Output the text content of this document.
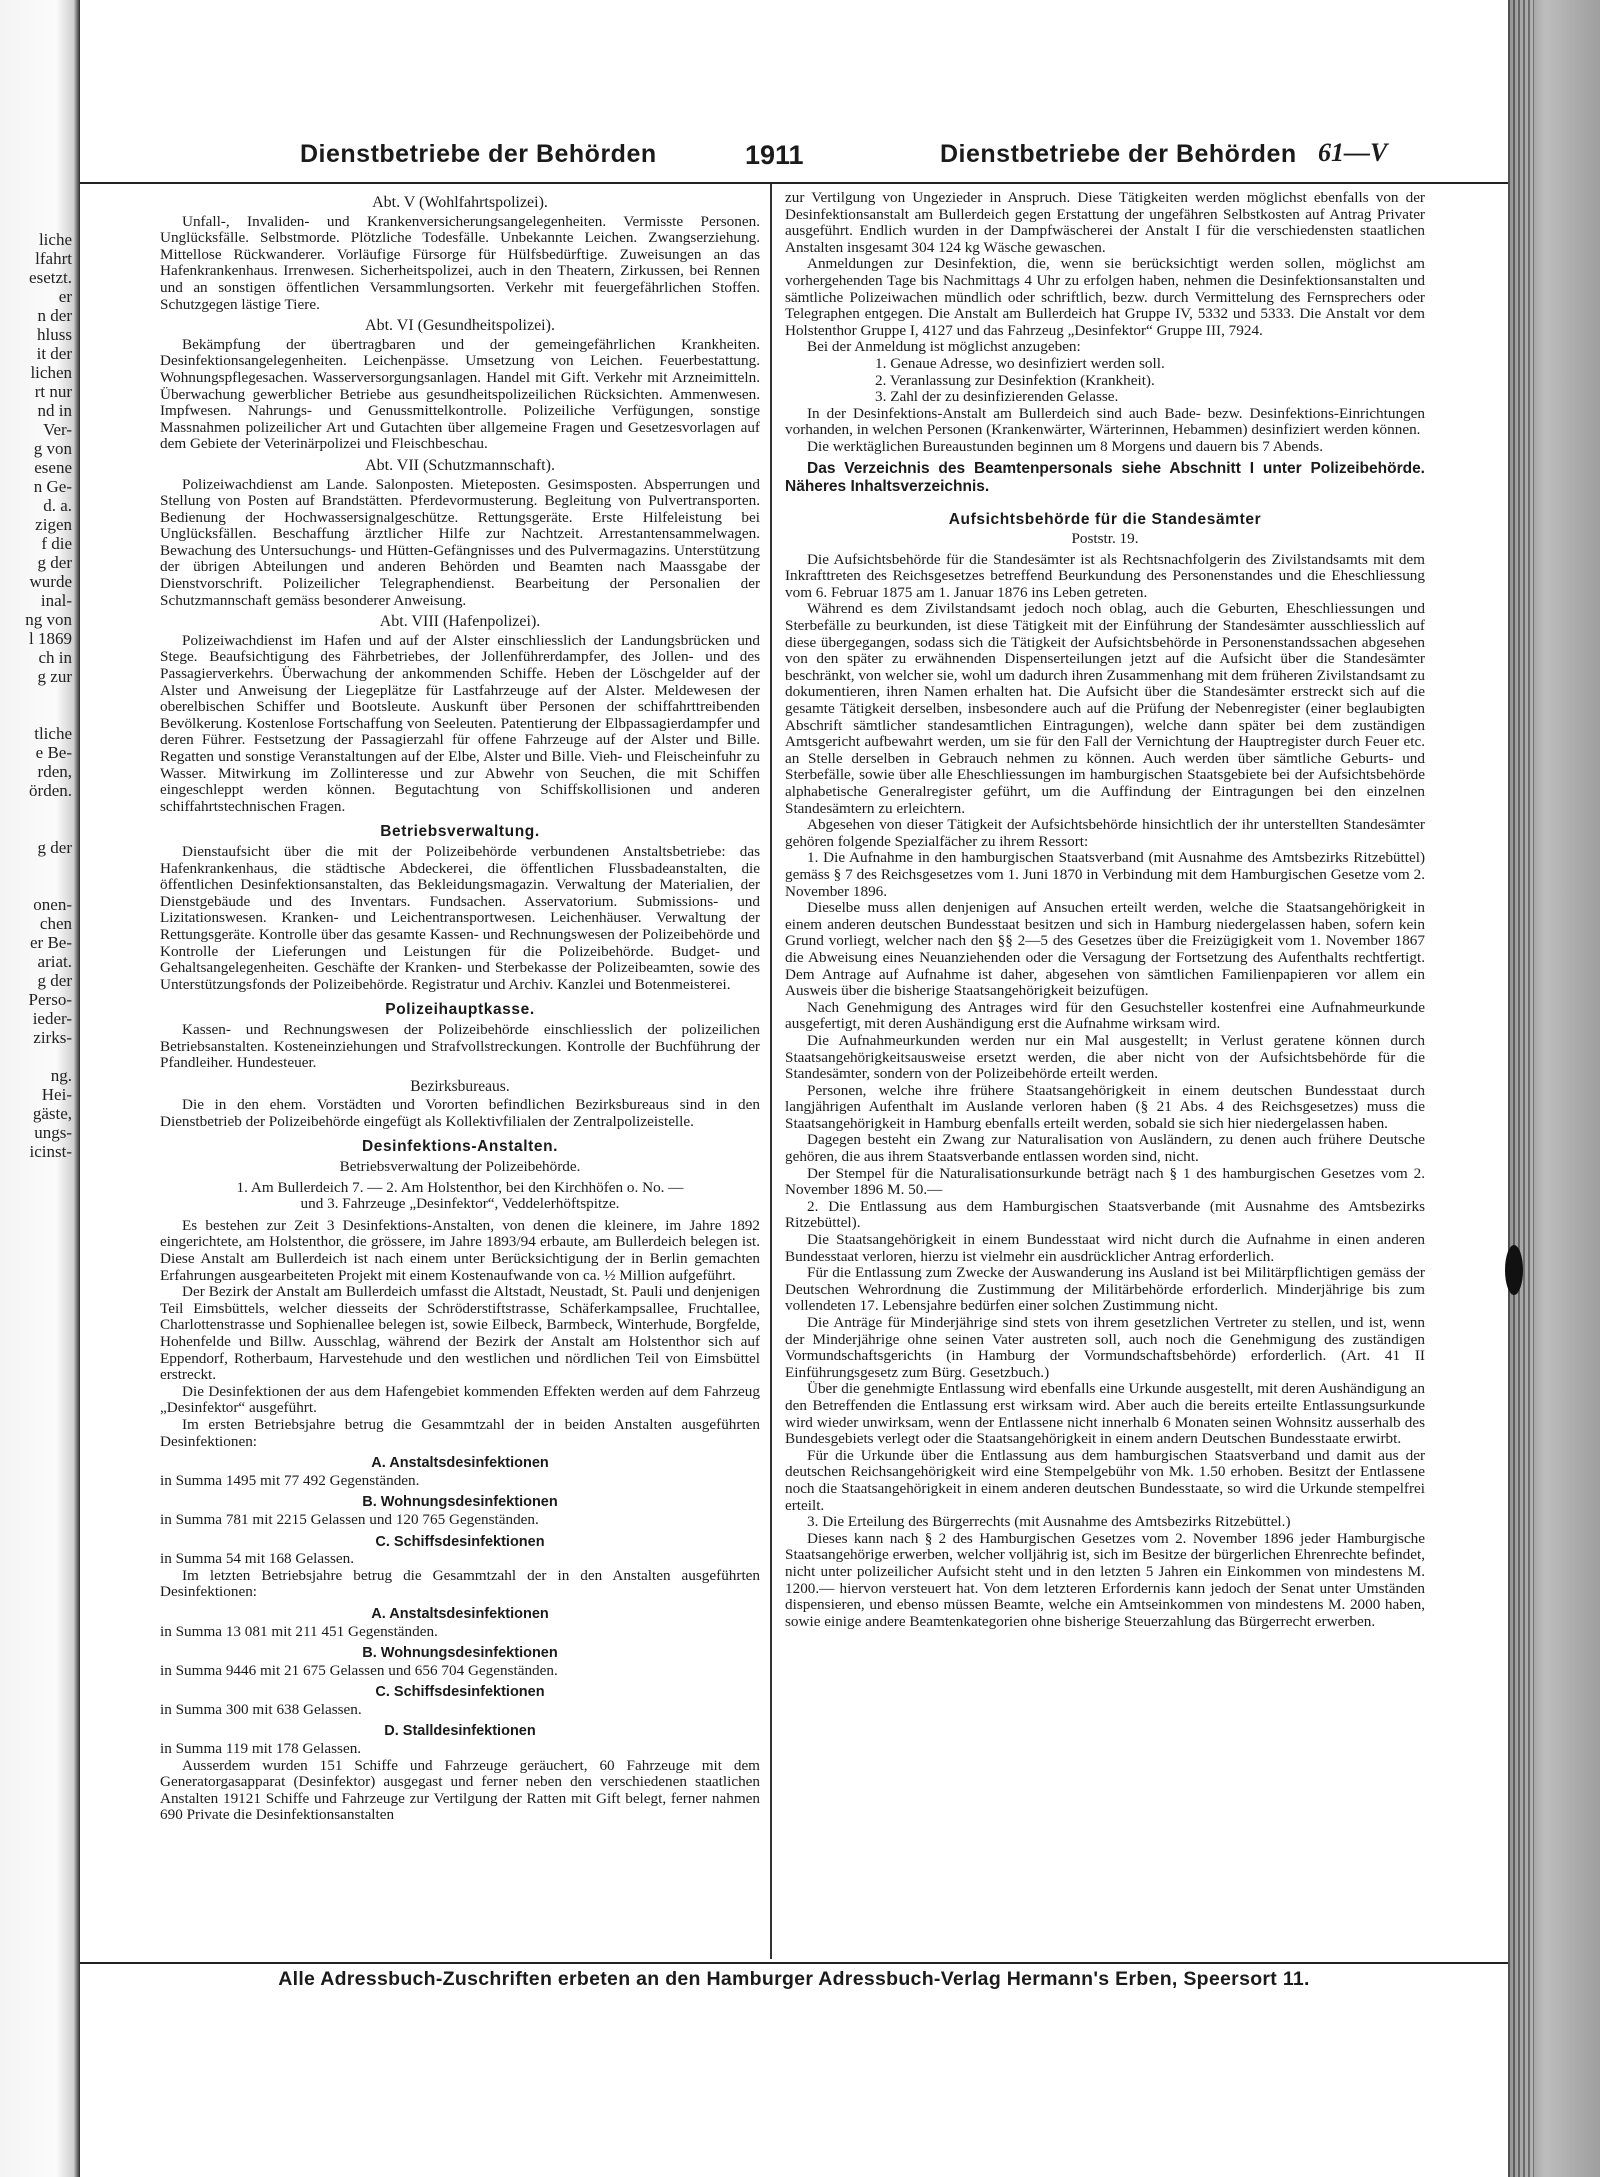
liche
lfahrt
esetzt.
er
n der
hluss
it der
lichen
rt nur
nd in
Ver-
g von
esene
n Ge-
d. a.
zigen
f die
g der
wurde
inal-
ng von
l 1869
ch in
g zur

tliche
e Be-
rden,
örden.

g der

onen-
chen
er Be-
ariat.
g der
Perso-
ieder-
zirks-

ng.
Hei-
gäste,
ungs-
icinst-
Dienstbetriebe der Behörden	1911	Dienstbetriebe der Behörden 61—V
Abt. V (Wohlfahrtspolizei).

Unfall-, Invaliden- und Krankenversicherungsangelegenheiten. Vermisste Personen. Unglücksfälle. Selbstmorde. Plötzliche Todesfälle. Unbekannte Leichen. Zwangserziehung. Mittellose Rückwanderer. Vorläufige Fürsorge für Hülfsbedürftige. Zuweisungen an das Hafenkrankenhaus. Irrenwesen. Sicherheitspolizei, auch in den Theatern, Zirkussen, bei Rennen und an sonstigen öffentlichen Versammlungsorten. Verkehr mit feuergefährlichen Stoffen. Schutzgegen lästige Tiere.

Abt. VI (Gesundheitspolizei).

Bekämpfung der übertragbaren und der gemeingefährlichen Krankheiten. Desinfektionsangelegenheiten. Leichenpässe. Umsetzung von Leichen. Feuerbestattung. Wohnungspflegesachen. Wasserversorgungsanlagen. Handel mit Gift. Verkehr mit Arzneimitteln. Überwachung gewerblicher Betriebe aus gesundheitspolizeilichen Rücksichten. Ammenwesen. Impfwesen. Nahrungs- und Genussmittelkontrolle. Polizeiliche Verfügungen, sonstige Massnahmen polizeilicher Art und Gutachten über allgemeine Fragen und Gesetzesvorlagen auf dem Gebiete der Veterinärpolizei und Fleischbeschau.

Abt. VII (Schutzmannschaft).

Polizeiwachdienst am Lande. Salonposten. Mieteposten. Gesimsposten. Absperrungen und Stellung von Posten auf Brandstätten. Pferdevormusterung. Begleitung von Pulvertransporten. Bedienung der Hochwassersignalgeschütze. Rettungsgeräte. Erste Hilfeleistung bei Unglücksfällen. Beschaffung ärztlicher Hilfe zur Nachtzeit. Arrestantensammelwagen. Bewachung des Untersuchungs- und Hütten-Gefängnisses und des Pulvermagazins. Unterstützung der übrigen Abteilungen und anderen Behörden und Beamten nach Maassgabe der Dienstvorschrift. Polizeilicher Telegraphendienst. Bearbeitung der Personalien der Schutzmannschaft gemäss besonderer Anweisung.

Abt. VIII (Hafenpolizei).

Polizeiwachdienst im Hafen und auf der Alster einschliesslich der Landungsbrücken und Stege. Beaufsichtigung des Fährbetriebes, der Jollenführerdampfer, des Jollen- und des Passagierverkehrs. Überwachung der ankommenden Schiffe. Heben der Löschgelder auf der Alster und Anweisung der Liegeplätze für Lastfahrzeuge auf der Alster. Meldewesen der oberelbischen Schiffer und Bootsleute. Auskunft über Personen der schiffahrttreibenden Bevölkerung. Kostenlose Fortschaffung von Seeleuten. Patentierung der Elbpassagierdampfer und deren Führer. Festsetzung der Passagierzahl für offene Fahrzeuge auf der Alster und Bille. Regatten und sonstige Veranstaltungen auf der Elbe, Alster und Bille. Vieh- und Fleischeinfuhr zu Wasser. Mitwirkung im Zollinteresse und zur Abwehr von Seuchen, die mit Schiffen eingeschleppt werden können. Begutachtung von Schiffskollisionen und anderen schiffahrtstechnischen Fragen.

Betriebsverwaltung.

Dienstaufsicht über die mit der Polizeibehörde verbundenen Anstaltsbetriebe: das Hafenkrankenhaus, die städtische Abdeckerei, die öffentlichen Flussbadeanstalten, die öffentlichen Desinfektionsanstalten, das Bekleidungsmagazin. Verwaltung der Materialien, der Dienstgebäude und des Inventars. Fundsachen. Asservatorium. Submissions- und Lizitationswesen. Kranken- und Leichentransportwesen. Leichenhäuser. Verwaltung der Rettungsgeräte. Kontrolle über das gesamte Kassen- und Rechnungswesen der Polizeibehörde und Kontrolle der Lieferungen und Leistungen für die Polizeibehörde. Budget- und Gehaltsangelegenheiten. Geschäfte der Kranken- und Sterbekasse der Polizeibeamten, sowie des Unterstützungsfonds der Polizeibehörde. Registratur und Archiv. Kanzlei und Botenmeisterei.

Polizeihauptkasse.

Kassen- und Rechnungswesen der Polizeibehörde einschliesslich der polizeilichen Betriebsanstalten. Kosteneinziehungen und Strafvollstreckungen. Kontrolle der Buchführung der Pfandleiher. Hundesteuer.

Bezirksbureaus.

Die in den ehem. Vorstädten und Vororten befindlichen Bezirksbureaus sind in den Dienstbetrieb der Polizeibehörde eingefügt als Kollektivfilialen der Zentralpolizeistelle.

Desinfektions-Anstalten.
Betriebsverwaltung der Polizeibehörde.

1. Am Bullerdeich 7. — 2. Am Holstenthor, bei den Kirchhöfen o. No. —

und 3. Fahrzeuge „Desinfektor“, Veddelerhöftspitze.

Es bestehen zur Zeit 3 Desinfektions-Anstalten, von denen die kleinere, im Jahre 1892 eingerichtete, am Holstenthor, die grössere, im Jahre 1893/94 erbaute, am Bullerdeich belegen ist. Diese Anstalt am Bullerdeich ist nach einem unter Berücksichtigung der in Berlin gemachten Erfahrungen ausgearbeiteten Projekt mit einem Kostenaufwande von ca. ½ Million aufgeführt.

Der Bezirk der Anstalt am Bullerdeich umfasst die Altstadt, Neustadt, St. Pauli und denjenigen Teil Eimsbüttels, welcher diesseits der Schröderstiftstrasse, Schäferkampsallee, Fruchtallee, Charlottenstrasse und Sophienallee belegen ist, sowie Eilbeck, Barmbeck, Winterhude, Borgfelde, Hohenfelde und Billw. Ausschlag, während der Bezirk der Anstalt am Holstenthor sich auf Eppendorf, Rotherbaum, Harvestehude und den westlichen und nördlichen Teil von Eimsbüttel erstreckt.

Die Desinfektionen der aus dem Hafengebiet kommenden Effekten werden auf dem Fahrzeug „Desinfektor“ ausgeführt.

Im ersten Betriebsjahre betrug die Gesammtzahl der in beiden Anstalten ausgeführten Desinfektionen:

A. Anstaltsdesinfektionen

in Summa 1495 mit 77 492 Gegenständen.

B. Wohnungsdesinfektionen

in Summa 781 mit 2215 Gelassen und 120 765 Gegenständen.

C. Schiffsdesinfektionen

in Summa 54 mit 168 Gelassen.

Im letzten Betriebsjahre betrug die Gesammtzahl der in den Anstalten ausgeführten Desinfektionen:

A. Anstaltsdesinfektionen

in Summa 13 081 mit 211 451 Gegenständen.

B. Wohnungsdesinfektionen

in Summa 9446 mit 21 675 Gelassen und 656 704 Gegenständen.

C. Schiffsdesinfektionen

in Summa 300 mit 638 Gelassen.

D. Stalldesinfektionen

in Summa 119 mit 178 Gelassen.

Ausserdem wurden 151 Schiffe und Fahrzeuge geräuchert, 60 Fahrzeuge mit dem Generatorgasapparat (Desinfektor) ausgegast und ferner neben den verschiedenen staatlichen Anstalten 19121 Schiffe und Fahrzeuge zur Vertilgung der Ratten mit Gift belegt, ferner nahmen 690 Private die Desinfektionsanstalten

zur Vertilgung von Ungezieder in Anspruch. Diese Tätigkeiten werden möglichst ebenfalls von der Desinfektionsanstalt am Bullerdeich gegen Erstattung der ungefähren Selbstkosten auf Antrag Privater ausgeführt. Endlich wurden in der Dampfwäscherei der Anstalt I für die verschiedensten staatlichen Anstalten insgesamt 304 124 kg Wäsche gewaschen.

Anmeldungen zur Desinfektion, die, wenn sie berücksichtigt werden sollen, möglichst am vorhergehenden Tage bis Nachmittags 4 Uhr zu erfolgen haben, nehmen die Desinfektionsanstalten und sämtliche Polizeiwachen mündlich oder schriftlich, bezw. durch Vermittelung des Fernsprechers oder Telegraphen entgegen. Die Anstalt am Bullerdeich hat Gruppe IV, 5332 und 5333. Die Anstalt vor dem Holstenthor Gruppe I, 4127 und das Fahrzeug „Desinfektor“ Gruppe III, 7924.

Bei der Anmeldung ist möglichst anzugeben:

1. Genaue Adresse, wo desinfiziert werden soll.

2. Veranlassung zur Desinfektion (Krankheit).

3. Zahl der zu desinfizierenden Gelasse.

In der Desinfektions-Anstalt am Bullerdeich sind auch Bade- bezw. Desinfektions-Einrichtungen vorhanden, in welchen Personen (Krankenwärter, Wärterinnen, Hebammen) desinfiziert werden können.

Die werktäglichen Bureaustunden beginnen um 8 Morgens und dauern bis 7 Abends.

Das Verzeichnis des Beamtenpersonals siehe Abschnitt I unter Polizeibehörde. Näheres Inhaltsverzeichnis.

Aufsichtsbehörde für die Standesämter
Poststr. 19.

Die Aufsichtsbehörde für die Standesämter ist als Rechtsnachfolgerin des Zivilstandsamts mit dem Inkrafttreten des Reichsgesetzes betreffend Beurkundung des Personenstandes und die Eheschliessung vom 6. Februar 1875 am 1. Januar 1876 ins Leben getreten.

Während es dem Zivilstandsamt jedoch noch oblag, auch die Geburten, Eheschliessungen und Sterbefälle zu beurkunden, ist diese Tätigkeit mit der Einführung der Standesämter ausschliesslich auf diese übergegangen, sodass sich die Tätigkeit der Aufsichtsbehörde in Personenstandssachen abgesehen von den später zu erwähnenden Dispenserteilungen jetzt auf die Aufsicht über die Standesämter beschränkt, von welcher sie, wohl um dadurch ihren Zusammenhang mit dem früheren Zivilstandsamt zu dokumentieren, ihren Namen erhalten hat. Die Aufsicht über die Standesämter erstreckt sich auf die gesamte Tätigkeit derselben, insbesondere auch auf die Prüfung der Nebenregister (einer beglaubigten Abschrift sämtlicher standesamtlichen Eintragungen), welche dann später bei dem zuständigen Amtsgericht aufbewahrt werden, um sie für den Fall der Vernichtung der Hauptregister durch Feuer etc. an Stelle derselben in Gebrauch nehmen zu können. Auch werden über sämtliche Geburts- und Sterbefälle, sowie über alle Eheschliessungen im hamburgischen Staatsgebiete bei der Aufsichtsbehörde alphabetische Generalregister geführt, um die Auffindung der Eintragungen bei den einzelnen Standesämtern zu erleichtern.

Abgesehen von dieser Tätigkeit der Aufsichtsbehörde hinsichtlich der ihr unterstellten Standesämter gehören folgende Spezialfächer zu ihrem Ressort:

1. Die Aufnahme in den hamburgischen Staatsverband (mit Ausnahme des Amtsbezirks Ritzebüttel) gemäss § 7 des Reichsgesetzes vom 1. Juni 1870 in Verbindung mit dem Hamburgischen Gesetze vom 2. November 1896.

Dieselbe muss allen denjenigen auf Ansuchen erteilt werden, welche die Staatsangehörigkeit in einem anderen deutschen Bundesstaat besitzen und sich in Hamburg niedergelassen haben, sofern kein Grund vorliegt, welcher nach den §§ 2—5 des Gesetzes über die Freizügigkeit vom 1. November 1867 die Abweisung eines Neuanziehenden oder die Versagung der Fortsetzung des Aufenthalts rechtfertigt. Dem Antrage auf Aufnahme ist daher, abgesehen von sämtlichen Familienpapieren vor allem ein Ausweis über die bisherige Staatsangehörigkeit beizufügen.

Nach Genehmigung des Antrages wird für den Gesuchsteller kostenfrei eine Aufnahmeurkunde ausgefertigt, mit deren Aushändigung erst die Aufnahme wirksam wird.

Die Aufnahmeurkunden werden nur ein Mal ausgestellt; in Verlust geratene können durch Staatsangehörigkeitsausweise ersetzt werden, die aber nicht von der Aufsichtsbehörde für die Standesämter, sondern von der Polizeibehörde erteilt werden.

Personen, welche ihre frühere Staatsangehörigkeit in einem deutschen Bundesstaat durch langjährigen Aufenthalt im Auslande verloren haben (§ 21 Abs. 4 des Reichsgesetzes) muss die Staatsangehörigkeit in Hamburg ebenfalls erteilt werden, sobald sie sich hier niedergelassen haben.

Dagegen besteht ein Zwang zur Naturalisation von Ausländern, zu denen auch frühere Deutsche gehören, die aus ihrem Staatsverbande entlassen worden sind, nicht.

Der Stempel für die Naturalisationsurkunde beträgt nach § 1 des hamburgischen Gesetzes vom 2. November 1896 M. 50.—

2. Die Entlassung aus dem Hamburgischen Staatsverbande (mit Ausnahme des Amtsbezirks Ritzebüttel).

Die Staatsangehörigkeit in einem Bundesstaat wird nicht durch die Aufnahme in einen anderen Bundesstaat verloren, hierzu ist vielmehr ein ausdrücklicher Antrag erforderlich.

Für die Entlassung zum Zwecke der Auswanderung ins Ausland ist bei Militärpflichtigen gemäss der Deutschen Wehrordnung die Zustimmung der Militärbehörde erforderlich. Minderjährige bis zum vollendeten 17. Lebensjahre bedürfen einer solchen Zustimmung nicht.

Die Anträge für Minderjährige sind stets von ihrem gesetzlichen Vertreter zu stellen, und ist, wenn der Minderjährige ohne seinen Vater austreten soll, auch noch die Genehmigung des zuständigen Vormundschaftsgerichts (in Hamburg der Vormundschaftsbehörde) erforderlich. (Art. 41 II Einführungsgesetz zum Bürg. Gesetzbuch.)

Über die genehmigte Entlassung wird ebenfalls eine Urkunde ausgestellt, mit deren Aushändigung an den Betreffenden die Entlassung erst wirksam wird. Aber auch die bereits erteilte Entlassungsurkunde wird wieder unwirksam, wenn der Entlassene nicht innerhalb 6 Monaten seinen Wohnsitz ausserhalb des Bundesgebiets verlegt oder die Staatsangehörigkeit in einem andern Deutschen Bundesstaate erwirbt.

Für die Urkunde über die Entlassung aus dem hamburgischen Staatsverband und damit aus der deutschen Reichsangehörigkeit wird eine Stempelgebühr von Mk. 1.50 erhoben. Besitzt der Entlassene noch die Staatsangehörigkeit in einem anderen deutschen Bundesstaate, so wird die Urkunde stempelfrei erteilt.

3. Die Erteilung des Bürgerrechts (mit Ausnahme des Amtsbezirks Ritzebüttel.)

Dieses kann nach § 2 des Hamburgischen Gesetzes vom 2. November 1896 jeder Hamburgische Staatsangehörige erwerben, welcher volljährig ist, sich im Besitze der bürgerlichen Ehrenrechte befindet, nicht unter polizeilicher Aufsicht steht und in den letzten 5 Jahren ein Einkommen von mindestens M. 1200.— hiervon versteuert hat. Von dem letzteren Erfordernis kann jedoch der Senat unter Umständen dispensieren, und ebenso müssen Beamte, welche ein Amtseinkommen von mindestens M. 2000 haben, sowie einige andere Beamtenkategorien ohne bisherige Steuerzahlung das Bürgerrecht erwerben.

Alle Adressbuch-Zuschriften erbeten an den Hamburger Adressbuch-Verlag Hermann's Erben, Speersort 11.
